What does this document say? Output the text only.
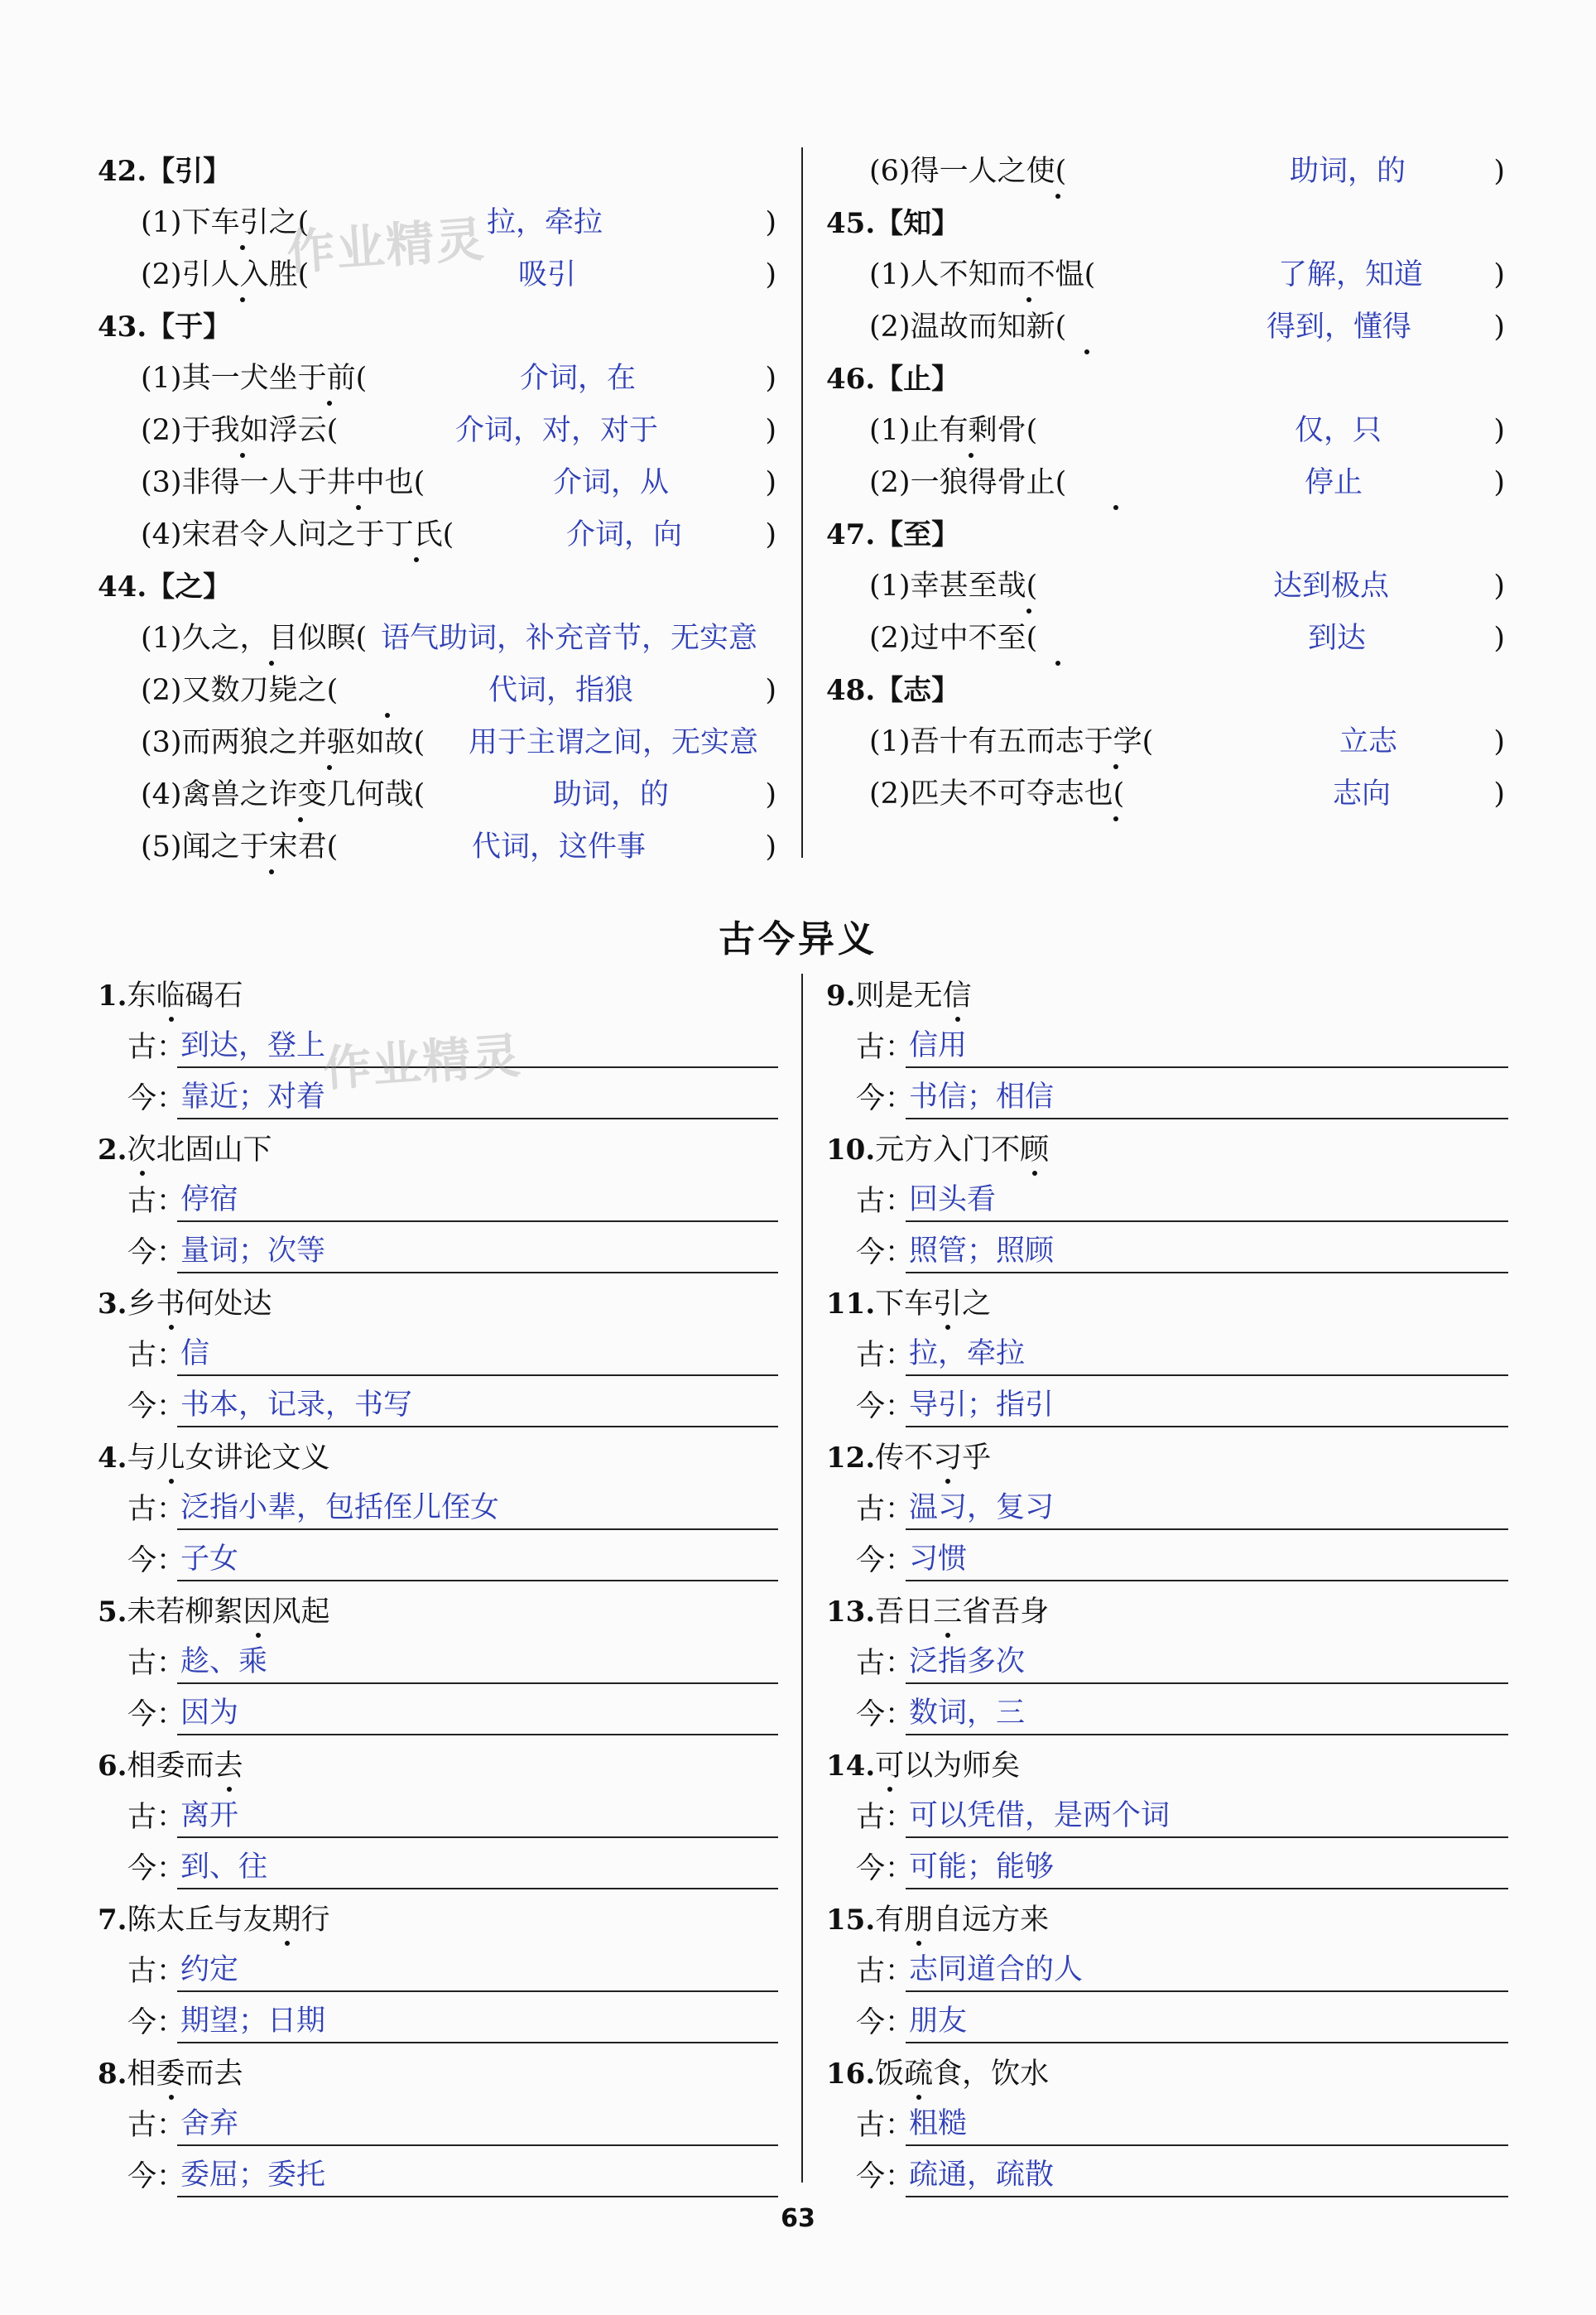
42.【引】
(1)下车引之(	拉，牵拉	)
(2)引人入胜(	吸引	)
43.【于】
(1)其一犬坐于前(	介词，在	)
(2)于我如浮云(	介词，对，对于	)
(3)非得一人于井中也(	介词，从	)
(4)宋君令人问之于丁氏(	介词，向	)
44.【之】
(1)久之，目似瞑( 语气助词，补充音节，无实意
(2)又数刀毙之(	代词，指狼	)
(3)而两狼之并驱如故( 用于主谓之间，无实意
(4)禽兽之诈变几何哉(	助词，的	)
(5)闻之于宋君(	代词，这件事	)
(6)得一人之使(	助词，的	)
45.【知】
(1)人不知而不愠(	了解，知道 )
(2)温故而知新(	得到，懂得	)
46.【止】
(1)止有剩骨(	仅，只	)
(2)一狼得骨止(	停止	)
47.【至】
(1)幸甚至哉(	达到极点	)
(2)过中不至(	到达	)
48.【志】
(1)吾十有五而志于学(	立志	)
(2)匹夫不可夺志也(	志向	)
古今异义
1.东临碣石
古：
到达，登上
今：
靠近；对着
2.次北固山下
古：
停宿
今：
量词；次等
3.乡书何处达
古：
信
今：
书本，记录，书写
4.与儿女讲论文义
古：
泛指小辈，包括侄儿侄女
今：
子女
5.未若柳絮因风起
古：
趁、乘
今：
因为
6.相委而去
古：
离开
今：
到、往
7.陈太丘与友期行
古：
约定
今：
期望；日期
8.相委而去
古：
舍弃
今：
委屈；委托
9.则是无信
古：
信用
今：
书信；相信
10.元方入门不顾
古：
回头看
今：
照管；照顾
11.下车引之
古：
拉，牵拉
今：
导引；指引
12.传不习乎
古：
温习，复习
今：
习惯
13.吾日三省吾身
古：
泛指多次
今：
数词，三
14.可以为师矣
古：
可以凭借，是两个词
今：
可能；能够
15.有朋自远方来
古：
志同道合的人
今：
朋友
16.饭疏食，饮水
古：
粗糙
今：
疏通，疏散
63
作业精灵
作业精灵
